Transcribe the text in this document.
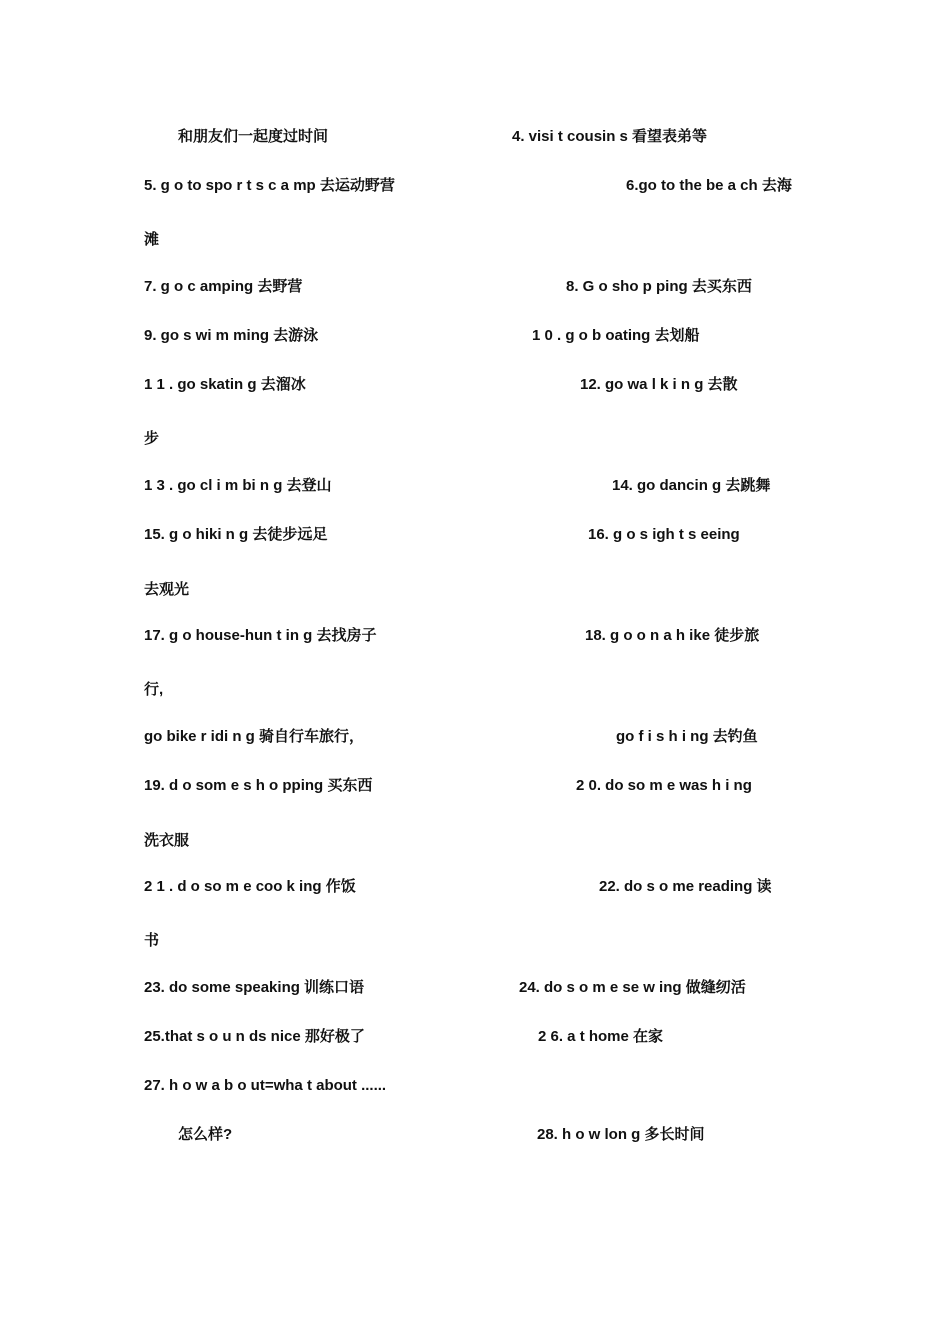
和朋友们一起度过时间	4. visi t cousin s 看望表弟等
5. g o to spo r t s c a mp 去运动野营	6.go to the be a ch 去海
滩
7. g o c amping 去野营	8. G o sho p ping 去买东西
9. go s wi m ming 去游泳	1 0 . g o b oating 去划船
1 1 . go skatin g 去溜冰	12. go wa l k i n g 去散
步
1 3 . go cl i m bi n g 去登山	14. go dancin g 去跳舞
15. g o hiki n g 去徒步远足	16. g o s igh t s eeing
去观光
17. g o house-hun t in g 去找房子	18. g o o n a h ike 徒步旅
行,
go bike r idi n g 骑自行车旅行，	go f i s h i ng 去钓鱼
19. d o som e s h o pping 买东西	2 0. do so m e was h i ng
洗衣服
2 1 . d o so m e coo k ing 作饭	22. do s o me reading 读
书
23. do some speaking 训练口语	24. do s o m e se w ing 做缝纫活
25.that s o u n ds nice 那好极了	2 6. a t home 在家
27. h o w a b o ut=wha t about ......
怎么样?	28. h o w lon g 多长时间
